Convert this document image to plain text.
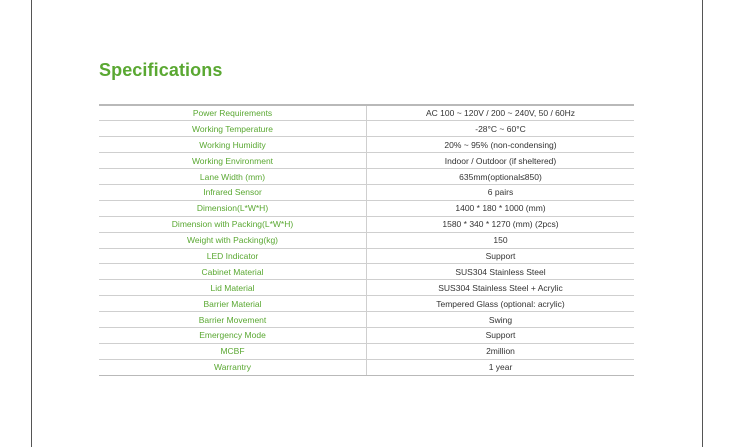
Specifications
Power Requirements	AC 100 ~ 120V / 200 ~ 240V, 50 / 60Hz
Working Temperature	-28°C ~ 60°C
Working Humidity	20% ~ 95% (non-condensing)
Working Environment	Indoor / Outdoor (if sheltered)
Lane Width (mm)	635mm(optional≤850)
Infrared Sensor	6 pairs
Dimension(L*W*H)	1400 * 180 * 1000 (mm)
Dimension with Packing(L*W*H)	1580 * 340 * 1270 (mm) (2pcs)
Weight with Packing(kg)	150
LED Indicator	Support
Cabinet Material	SUS304 Stainless Steel
Lid Material	SUS304 Stainless Steel + Acrylic
Barrier Material	Tempered Glass (optional: acrylic)
Barrier Movement	Swing
Emergency Mode	Support
MCBF	2million
Warrantry	1 year
